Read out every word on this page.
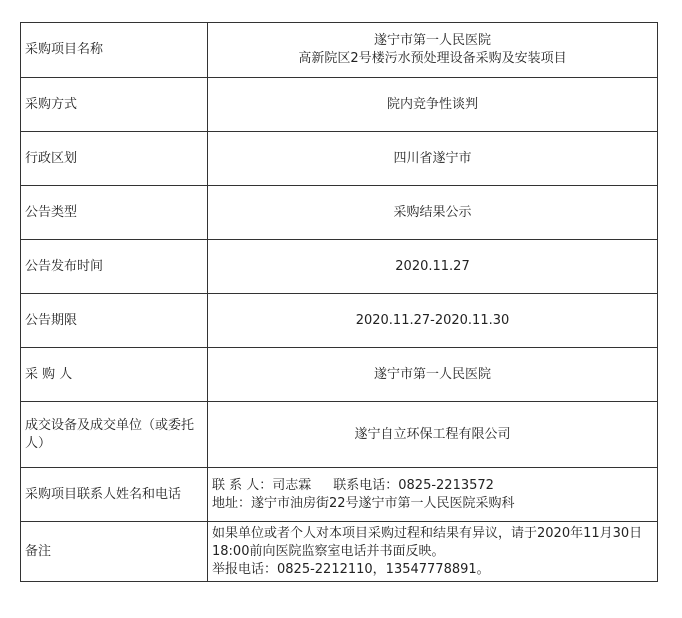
采购项目名称	遂宁市第一人民医院
高新院区2号楼污水预处理设备采购及安装项目

采购方式	院内竞争性谈判
行政区划	四川省遂宁市
公告类型	采购结果公示
公告发布时间	2020.11.27
公告期限	2020.11.27-2020.11.30
采 购 人	遂宁市第一人民医院
成交设备及成交单位（或委托人）	遂宁自立环保工程有限公司
采购项目联系人姓名和电话	联 系 人：司志霖 联系电话：0825-2213572
地址：遂宁市油房街22号遂宁市第一人民医院采购科

备注	如果单位或者个人对本项目采购过程和结果有异议，请于2020年11月30日18:00前向医院监察室电话并书面反映。
举报电话：0825-2212110，13547778891。
